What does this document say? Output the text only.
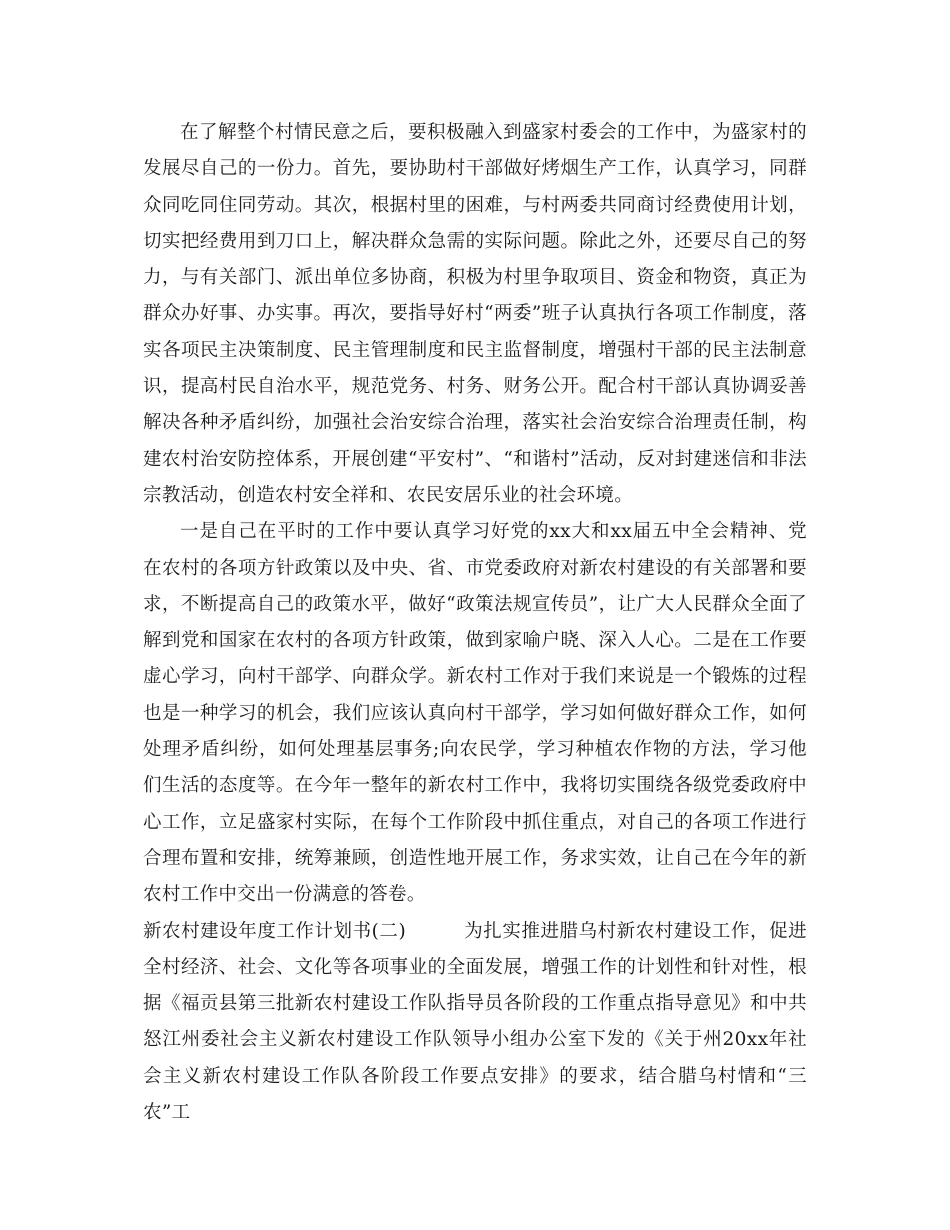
在了解整个村情民意之后，要积极融入到盛家村委会的工作中，为盛家村的发展尽自己的一份力。首先，要协助村干部做好烤烟生产工作，认真学习，同群众同吃同住同劳动。其次，根据村里的困难，与村两委共同商讨经费使用计划，切实把经费用到刀口上，解决群众急需的实际问题。除此之外，还要尽自己的努力，与有关部门、派出单位多协商，积极为村里争取项目、资金和物资，真正为群众办好事、办实事。再次，要指导好村“两委”班子认真执行各项工作制度，落实各项民主决策制度、民主管理制度和民主监督制度，增强村干部的民主法制意识，提高村民自治水平，规范党务、村务、财务公开。配合村干部认真协调妥善解决各种矛盾纠纷，加强社会治安综合治理，落实社会治安综合治理责任制，构建农村治安防控体系，开展创建“平安村”、“和谐村”活动，反对封建迷信和非法宗教活动，创造农村安全祥和、农民安居乐业的社会环境。

一是自己在平时的工作中要认真学习好党的xx大和xx届五中全会精神、党在农村的各项方针政策以及中央、省、市党委政府对新农村建设的有关部署和要求，不断提高自己的政策水平，做好“政策法规宣传员”，让广大人民群众全面了解到党和国家在农村的各项方针政策，做到家喻户晓、深入人心。二是在工作要虚心学习，向村干部学、向群众学。新农村工作对于我们来说是一个锻炼的过程也是一种学习的机会，我们应该认真向村干部学，学习如何做好群众工作，如何处理矛盾纠纷，如何处理基层事务;向农民学，学习种植农作物的方法，学习他们生活的态度等。在今年一整年的新农村工作中，我将切实围绕各级党委政府中心工作，立足盛家村实际，在每个工作阶段中抓住重点，对自己的各项工作进行合理布置和安排，统筹兼顾，创造性地开展工作，务求实效，让自己在今年的新农村工作中交出一份满意的答卷。

新农村建设年度工作计划书(二)	为扎实推进腊乌村新农村建设工作，促进全村经济、社会、文化等各项事业的全面发展，增强工作的计划性和针对性，根据《福贡县第三批新农村建设工作队指导员各阶段的工作重点指导意见》和中共怒江州委社会主义新农村建设工作队领导小组办公室下发的《关于州20xx年社会主义新农村建设工作队各阶段工作要点安排》的要求，结合腊乌村情和“三农”工
